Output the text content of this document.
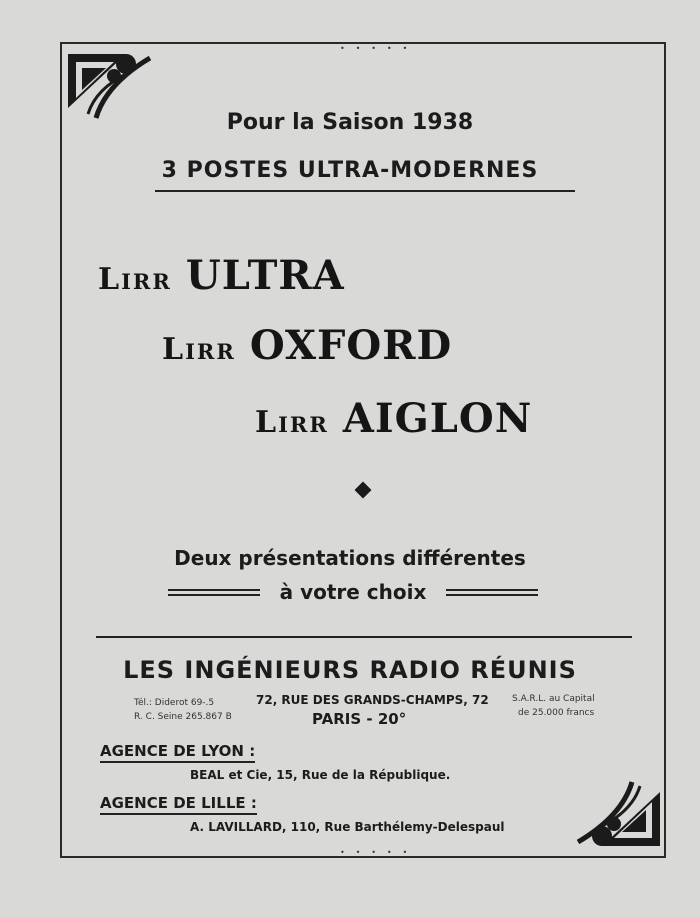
• • • • •
• • • • •
Pour la Saison 1938
3 POSTES ULTRA-MODERNES
Lirr ULTRA
Lirr OXFORD
Lirr AIGLON
Deux présentations différentes
à votre choix
LES INGÉNIEURS RADIO RÉUNIS
Tél.: Diderot 69-.5
R. C. Seine 265.867 B
72, RUE DES GRANDS-CHAMPS, 72
PARIS - 20°
S.A.R.L. au Capital
de 25.000 francs
AGENCE DE LYON :
BEAL et Cie, 15, Rue de la République.
AGENCE DE LILLE :
A. LAVILLARD, 110, Rue Barthélemy-Delespaul
